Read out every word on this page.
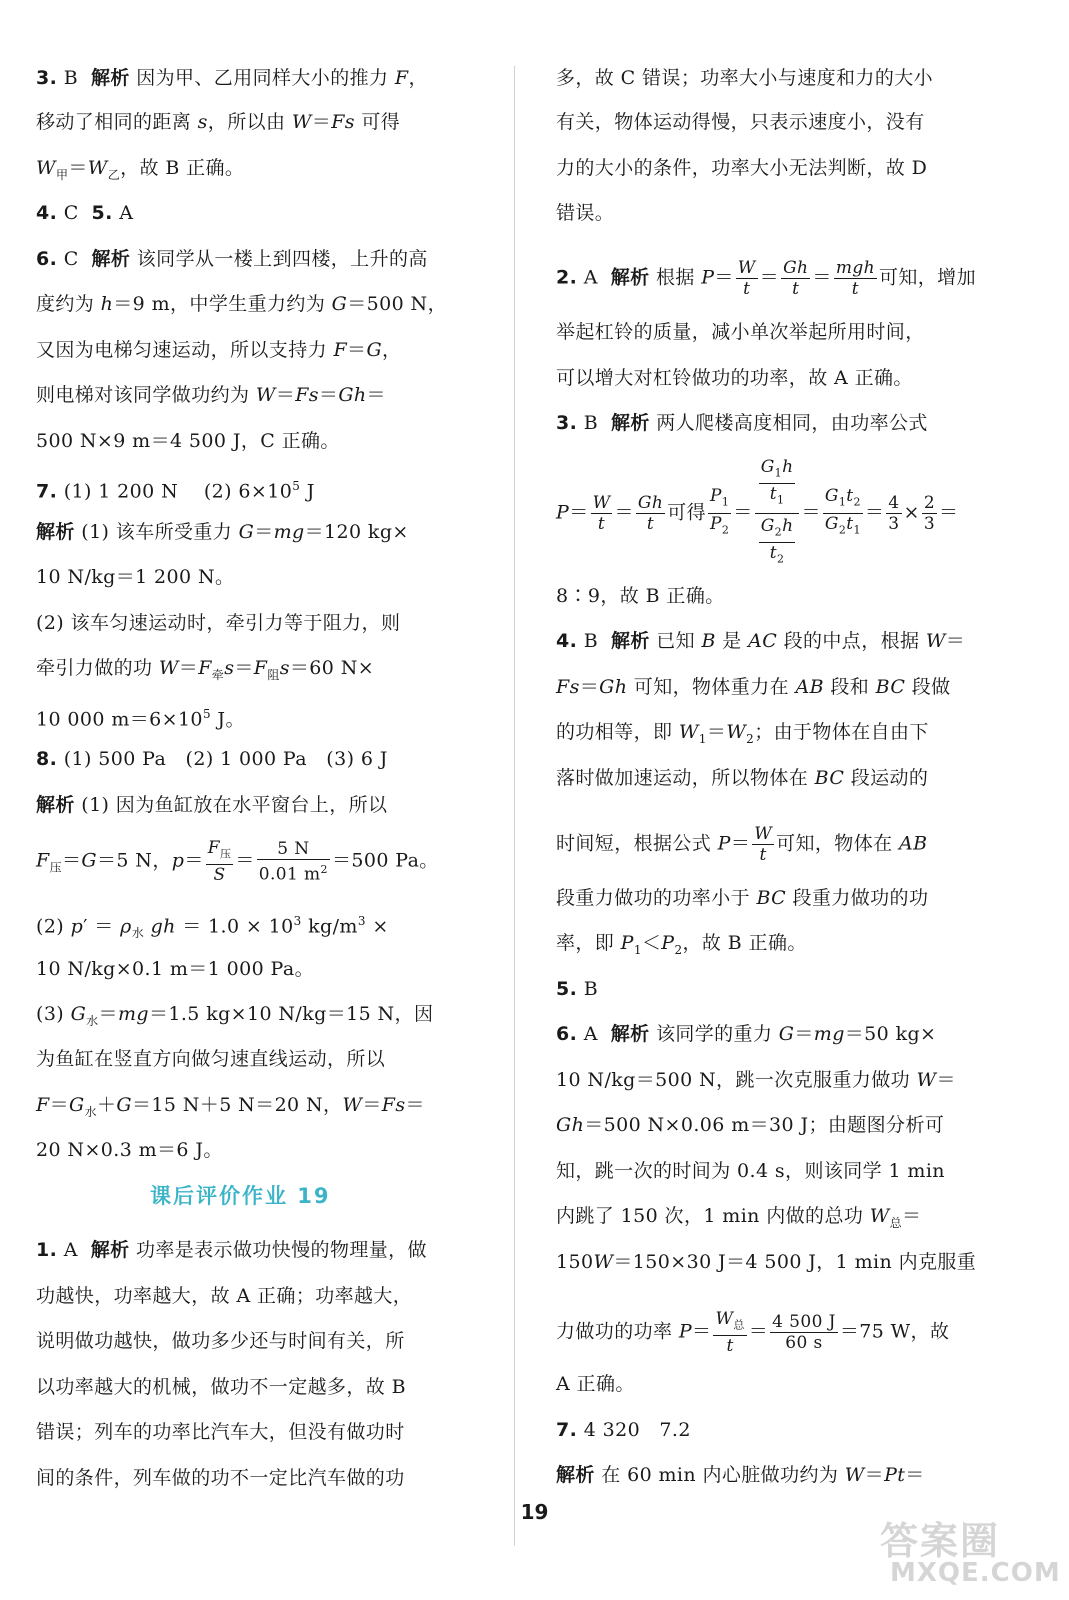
3. B  解析 因为甲、乙用同样大小的推力 F，
移动了相同的距离 s，所以由 W＝Fs 可得
$W_甲=W_乙$，故 B 正确。
4. C  5. A
6. C  解析 该同学从一楼上到四楼，上升的高
度约为 h＝9 m，中学生重力约为 G＝500 N，
又因为电梯匀速运动，所以支持力 F＝G，
则电梯对该同学做功约为 W＝Fs＝Gh＝
500 N×9 m＝4 500 J，C 正确。
7. (1) 1 200 N    (2) $6\times 10^5$ J
解析 (1) 该车所受重力 G＝mg＝120 kg×
10 N/kg＝1 200 N。
(2) 该车匀速运动时，牵引力等于阻力，则
牵引力做的功 $W=F_牵s=F_阻s=60$ N×
10 000 $m=6\times 10^5$ J。
8. (1) 500 Pa   (2) 1 000 Pa   (3) 6 J
解析 (1) 因为鱼缸放在水平窗台上，所以
$F_压=G=5$ N，$p= \frac{F_压}{S} = \frac{5 N}{0.01 m^2} =500$ Pa。
(2) $p' = \rho_水$ gh ＝ $1.0 \times 10^3$ $kg/m^3$ ×
10 N/kg×0.1 m＝1 000 Pa。
(3) $G_水=mg=1.5$ kg×10 N/kg＝15 N，因
为鱼缸在竖直方向做匀速直线运动，所以
$F=G_水+G=15$ N＋5 N＝20 N，W＝Fs＝
20 N×0.3 m＝6 J。
1. A  解析 功率是表示做功快慢的物理量，做
功越快，功率越大，故 A 正确；功率越大，
说明做功越快，做功多少还与时间有关，所
以功率越大的机械，做功不一定越多，故 B
错误；列车的功率比汽车大，但没有做功时
间的条件，列车做的功不一定比汽车做的功
课后评价作业 19
多，故 C 错误；功率大小与速度和力的大小
有关，物体运动得慢，只表示速度小，没有
力的大小的条件，功率大小无法判断，故 D
错误。
2. A  解析 根据 $P= \frac{W}{t} = \frac{Gh}{t} = \frac{\text{mgh}}{t}$ 可知，增加
举起杠铃的质量，减小单次举起所用时间，
可以增大对杠铃做功的功率，故 A 正确。
3. B  解析 两人爬楼高度相同，由功率公式
$P= \frac{W}{t} = \frac{Gh}{t}$ 可得 $\frac{P_1}{P_2} = \frac{\frac{G_1h}{t_1}}{\frac{G_2h}{t_2}} = \frac{G_1t_2}{G_2t_1} = \frac{4}{3} \times \frac{2}{3}$ ＝
8∶9，故 B 正确。
4. B  解析 已知 B 是 AC 段的中点，根据 W＝
Fs＝Gh 可知，物体重力在 AB 段和 BC 段做
的功相等，即 $W_1=W_2$；由于物体在自由下
落时做加速运动，所以物体在 BC 段运动的
时间短，根据公式 $P= \frac{W}{t}$ 可知，物体在 AB
段重力做功的功率小于 BC 段重力做功的功
率，即 $P_1<P_2$，故 B 正确。
5. B
6. A  解析 该同学的重力 G＝mg＝50 kg×
10 N/kg＝500 N，跳一次克服重力做功 W＝
Gh＝500 N×0.06 m＝30 J；由题图分析可
知，跳一次的时间为 0.4 s，则该同学 1 min
内跳了 150 次，1 min 内做的总功 $W_总=$
150W＝150×30 J＝4 500 J，1 min 内克服重
力做功的功率 $P= \frac{W_总}{t} = \frac{4 500 J}{60 s} =75$ W，故
A 正确。
7. 4 320   7.2
解析 在 60 min 内心脏做功约为 W＝Pt＝
19
答案圈
MXQE.COM
